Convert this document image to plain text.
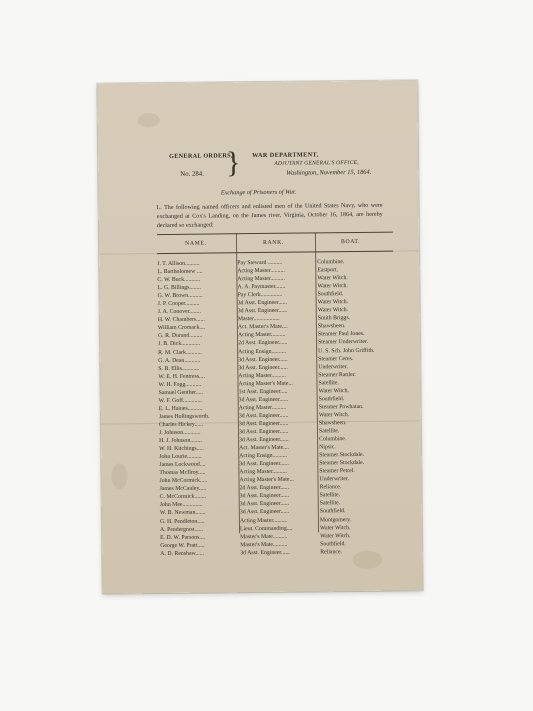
GENERAL ORDERS,
No. 284. } WAR DEPARTMENT,
ADJUTANT GENERAL'S OFFICE,
Washington, November 15, 1864.
Exchange of Prisoners of War.
I.. The following named officers and enlisted men of the United States Navy, who were exchanged at Cox's Landing, on the James river, Virginia, October 16, 1864, are hereby declared so exchanged:
NAME.	RANK.	BOAT.
J. T. Allison..........	Pay Steward ..........	Columbine.
L. Bartholomew ....	Acting Master..........	Eastport.
C. W. Buck...........	Acting Master..........	Water Witch.
L. G. Billings........	A. A. Paymaster.......	Water Witch.
G. W. Brown..........	Pay Clerk...............	Southfield.
J. P. Cooper..........	3d Asst. Engineer......	Water Witch.
J. A. Conover........	3d Asst. Engineer......	Water Witch.
H. W. Chambers......	Master..................	Smith Briggs.
William Cromack....	Act. Master's Mate....	Shawsheen.
G. R. Durand.........	Acting Master..........	Steamer Paul Jones.
J. B. Dick.............	2d Asst. Engineer......	Steamer Underwriter.
R. M. Clark...........	Acting Ensign..........	U. S. Sch. John Griffith.
G. A. Dean...........	3d Asst. Engineer......	Steamer Ceres.
S. B. Ellis............	3d Asst. Engineer......	Underwriter.
W. E. H. Fentress....	Acting Master..........	Steamer Rattler.
W. H. Fogg...........	Acting Master's Mate...	Satellite.
Samuel Genther.....	1st Asst. Engineer.....	Water Witch.
W. F. Goff.............	3d Asst. Engineer......	Southfield.
E. L. Haines..........	Acting Master..........	Steamer Powhatan.
James Hollingsworth.	3d Asst. Engineer......	Water Witch.
Charles Hickey......	3d Asst. Engineer......	Shawsheen.
J. Johnson............	3d Asst. Engineer......	Satellite.
H. J. Johnson........	3d Asst. Engineer......	Columbine.
W. H. Kitchings.....	Act. Master's Mate....	Nipsic.
John Lourie..........	Acting Ensign..........	Steamer Stockdale.
James Lockwood....	3d Asst. Engineer......	Steamer Stockdale.
Thomas McIlroy.....	Acting Master..........	Steamer Petrel.
John McCormick.....	Acting Master's Mate...	Underwriter.
James McCauley.....	2d Asst. Engineer......	Reliance.
C. McCormick........	3d Asst. Engineer......	Satellite.
John Mee..............	3d Asst. Engineer......	Satellite.
W. B. Newman.......	3d Asst. Engineer......	Southfield.
G. H. Pendleton.....	Acting Master..........	Montgomery.
A. Pendergrast......	Lieut. Commanding....	Water Witch.
E. D. W. Parsons....	Master's Mate..........	Water Witch.
George W. Pratt.....	Master's Mate..........	Southfield.
A. D. Renshaw......	3d Asst. Engineer......	Reliance.
